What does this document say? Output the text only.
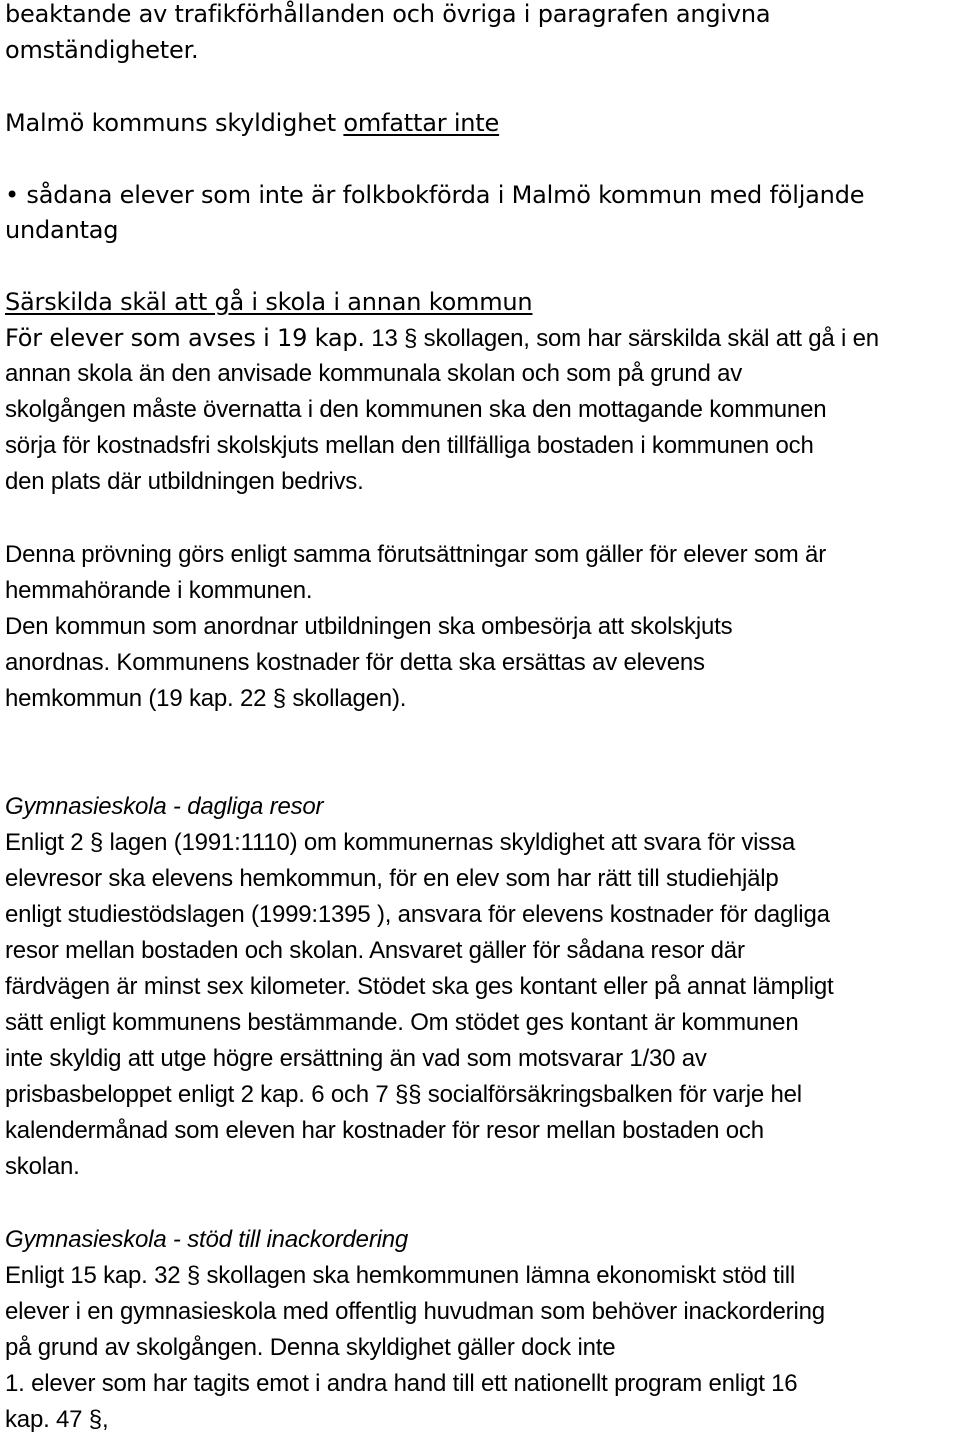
beaktande av trafikförhållanden och övriga i paragrafen angivna
omständigheter.
Malmö kommuns skyldighet omfattar inte
• sådana elever som inte är folkbokförda i Malmö kommun med följande
undantag
Särskilda skäl att gå i skola i annan kommun
För elever som avses i 19 kap. 13 § skollagen, som har särskilda skäl att gå i en
annan skola än den anvisade kommunala skolan och som på grund av
skolgången måste övernatta i den kommunen ska den mottagande kommunen
sörja för kostnadsfri skolskjuts mellan den tillfälliga bostaden i kommunen och
den plats där utbildningen bedrivs.
Denna prövning görs enligt samma förutsättningar som gäller för elever som är
hemmahörande i kommunen.
Den kommun som anordnar utbildningen ska ombesörja att skolskjuts
anordnas. Kommunens kostnader för detta ska ersättas av elevens
hemkommun (19 kap. 22 § skollagen).
Gymnasieskola - dagliga resor
Enligt 2 § lagen (1991:1110) om kommunernas skyldighet att svara för vissa
elevresor ska elevens hemkommun, för en elev som har rätt till studiehjälp
enligt studiestödslagen (1999:1395 ), ansvara för elevens kostnader för dagliga
resor mellan bostaden och skolan. Ansvaret gäller för sådana resor där
färdvägen är minst sex kilometer. Stödet ska ges kontant eller på annat lämpligt
sätt enligt kommunens bestämmande. Om stödet ges kontant är kommunen
inte skyldig att utge högre ersättning än vad som motsvarar 1/30 av
prisbasbeloppet enligt 2 kap. 6 och 7 §§ socialförsäkringsbalken för varje hel
kalendermånad som eleven har kostnader för resor mellan bostaden och
skolan.
Gymnasieskola - stöd till inackordering
Enligt 15 kap. 32 § skollagen ska hemkommunen lämna ekonomiskt stöd till
elever i en gymnasieskola med offentlig huvudman som behöver inackordering
på grund av skolgången. Denna skyldighet gäller dock inte
1. elever som har tagits emot i andra hand till ett nationellt program enligt 16
kap. 47 §,
